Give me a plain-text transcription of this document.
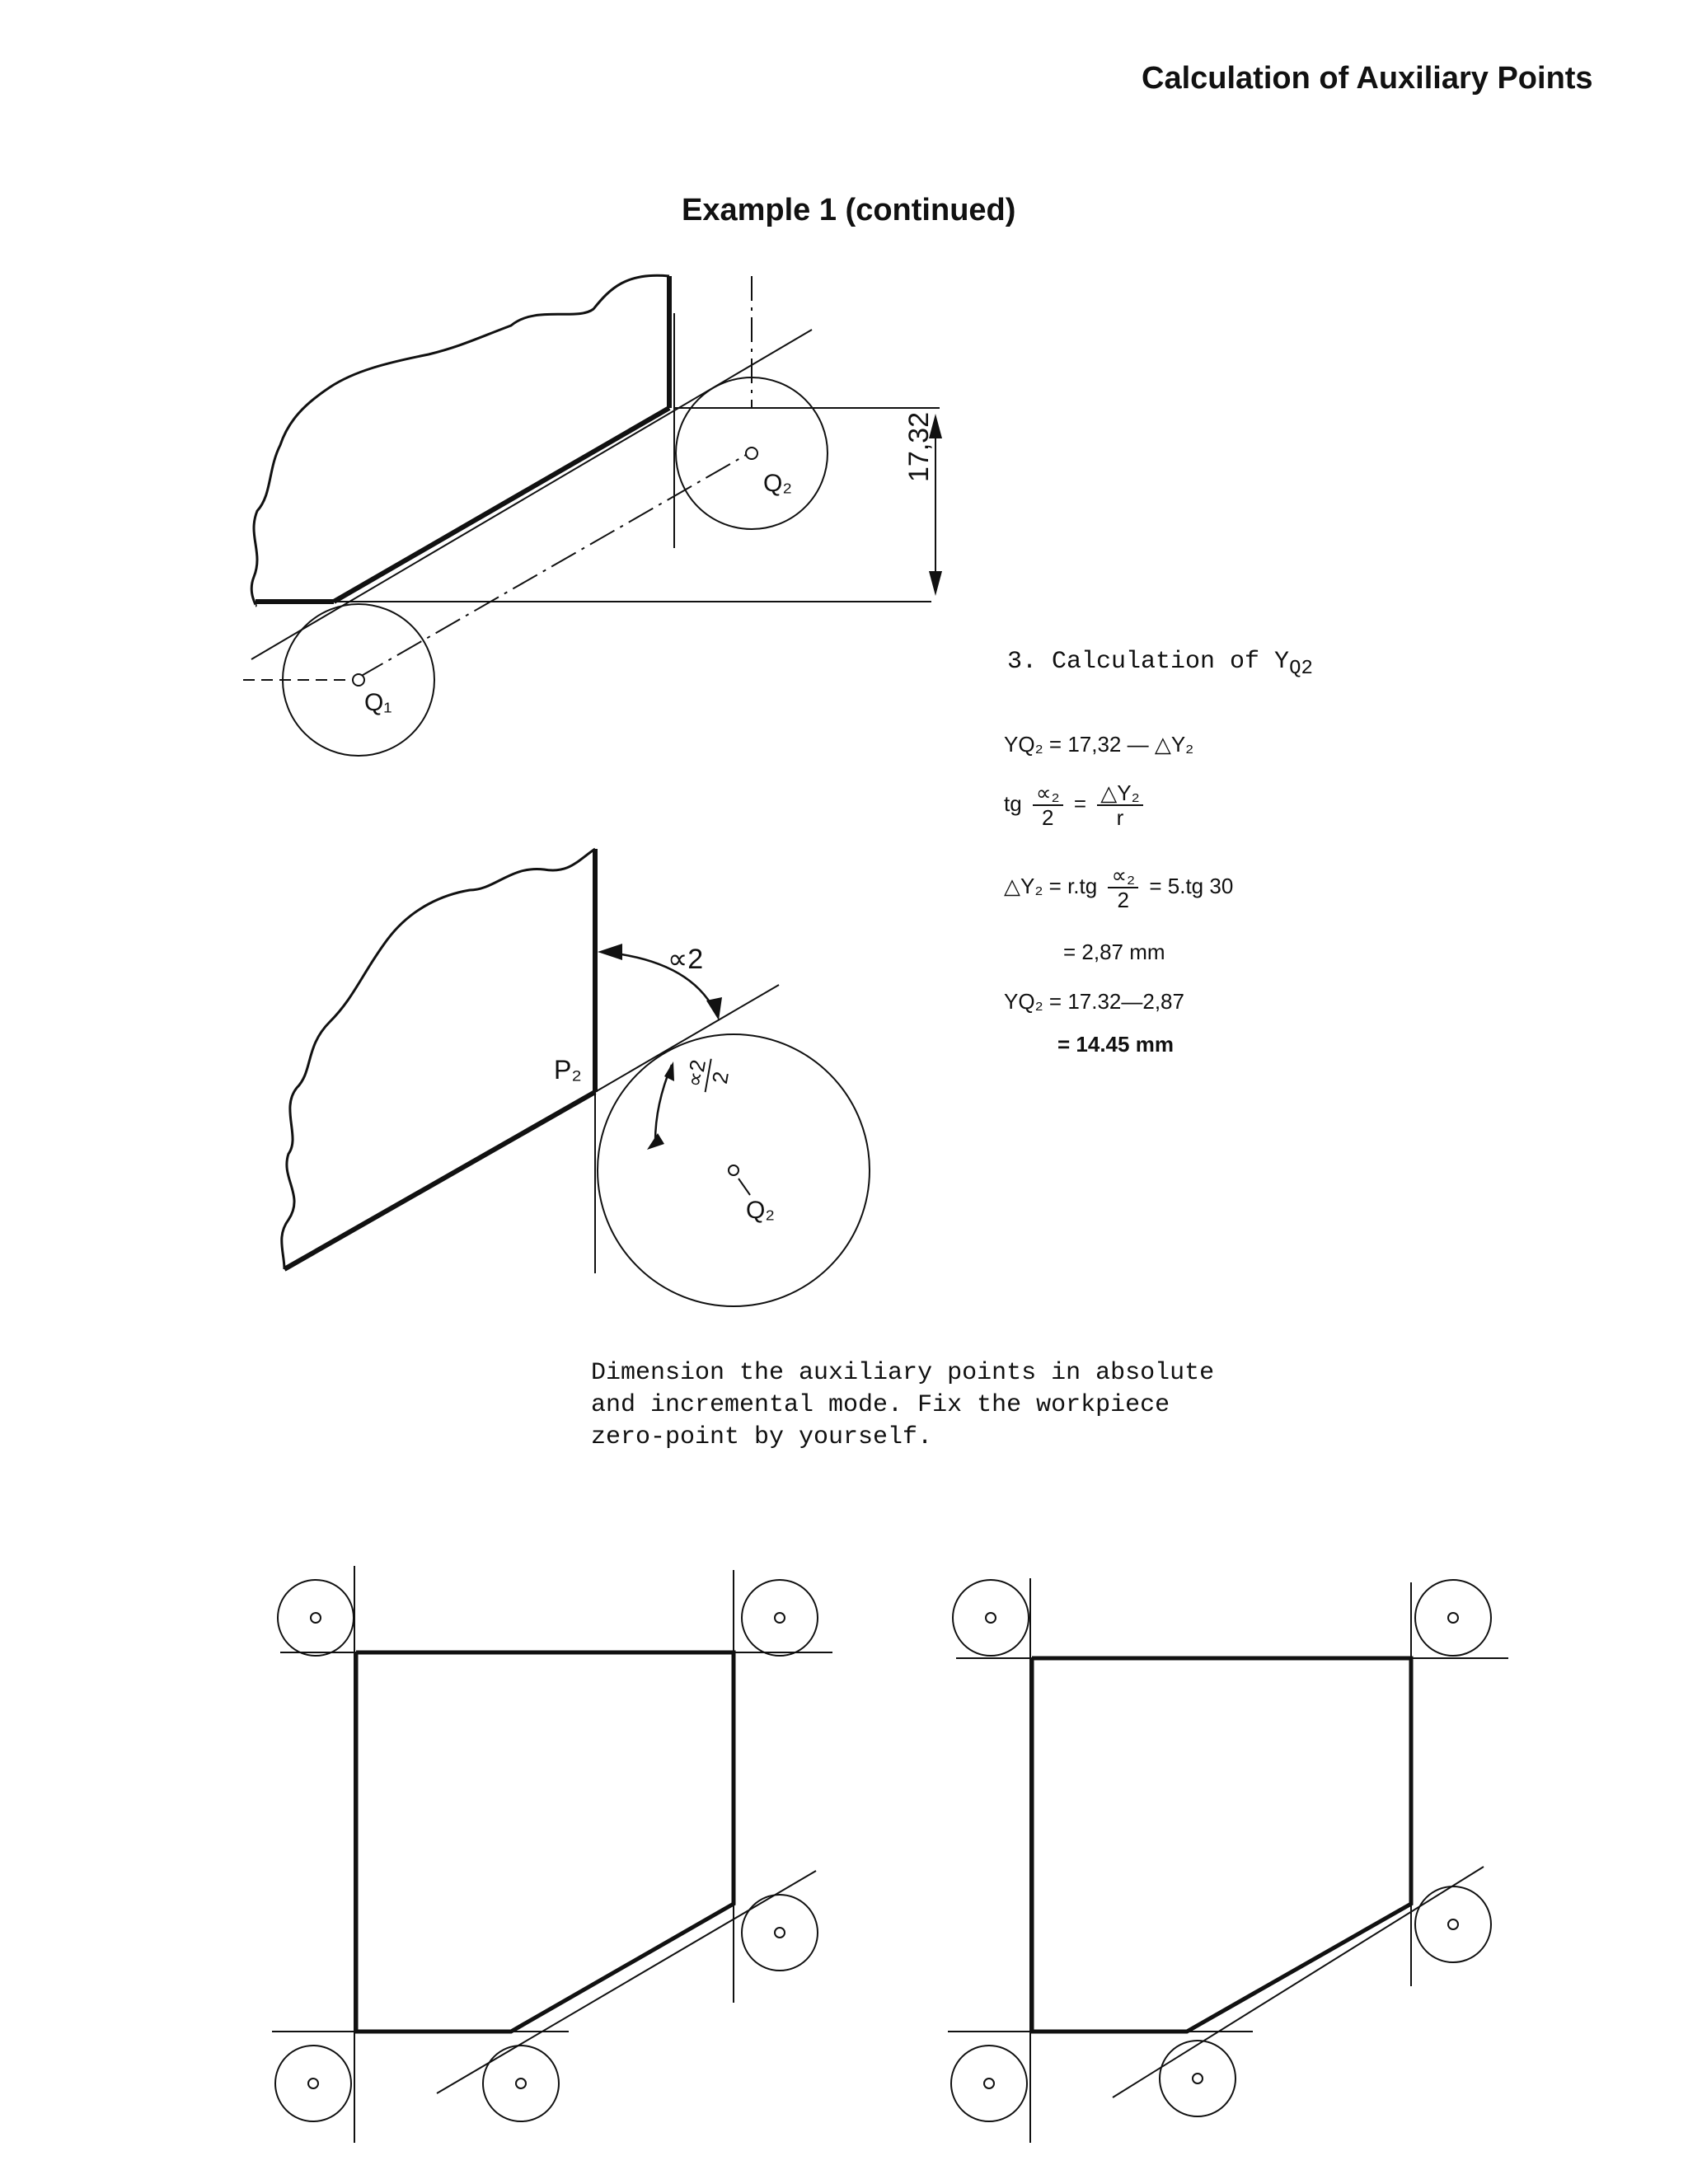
Calculation of Auxiliary Points
Example 1 (continued)
17,32
Q₂
Q₁
P₂
∝2
∝2
2
Q₂
3. Calculation of $Y_{Q2}$
YQ₂ = 17,32 — △Y₂
tg $\frac{\text{∝₂}}{2} = \frac{\text{△Y₂}}{r}$
△Y₂ = $r.tg \frac{\text{∝₂}}{2} = 5.tg$ 30
= 2,87 mm
YQ₂ = 17.32—2,87
= 14.45 mm
Dimension the auxiliary points in absolute
and incremental mode. Fix the workpiece
zero-point by yourself.
